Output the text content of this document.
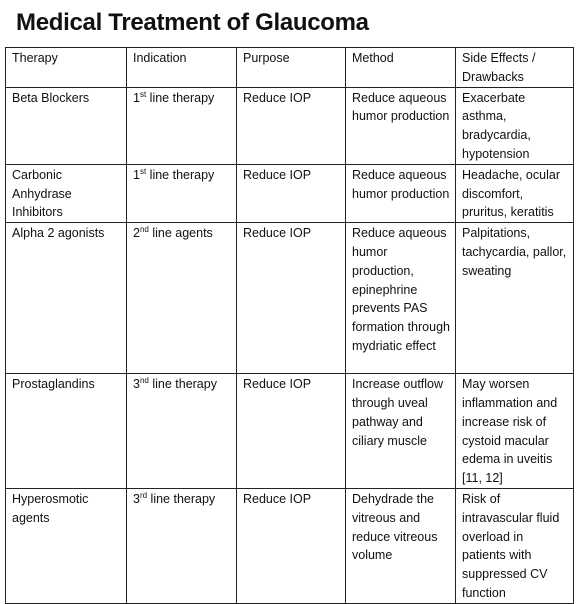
Medical Treatment of Glaucoma
Therapy	Indication	Purpose	Method	Side Effects / Drawbacks
Beta Blockers	1st line therapy	Reduce IOP	Reduce aqueous humor production	Exacerbate asthma, bradycardia, hypotension
Carbonic Anhydrase Inhibitors	1st line therapy	Reduce IOP	Reduce aqueous humor production	Headache, ocular discomfort, pruritus, keratitis
Alpha 2 agonists	2nd line agents	Reduce IOP	Reduce aqueous humor production, epinephrine prevents PAS formation through mydriatic effect	Palpitations, tachycardia, pallor, sweating
Prostaglandins	3nd line therapy	Reduce IOP	Increase outflow through uveal pathway and ciliary muscle	May worsen inflammation and increase risk of cystoid macular edema in uveitis [11, 12]
Hyperosmotic agents	3rd line therapy	Reduce IOP	Dehydrade the vitreous and reduce vitreous volume	Risk of intravascular fluid overload in patients with suppressed CV function
